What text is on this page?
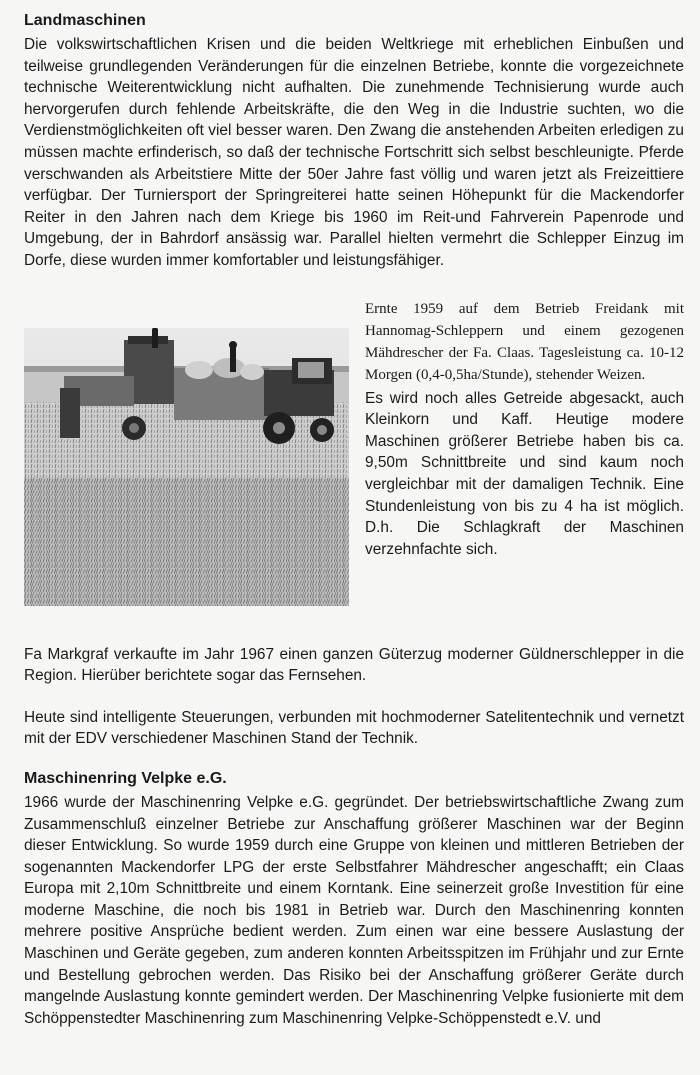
Landmaschinen

Die volkswirtschaftlichen Krisen und die beiden Weltkriege mit erheblichen Einbußen und teilweise grundlegenden Veränderungen für die einzelnen Betriebe, konnte die vorgezeichnete technische Weiterentwicklung nicht aufhalten. Die zunehmende Technisierung wurde auch hervorgerufen durch fehlende Arbeitskräfte, die den Weg in die Industrie suchten, wo die Verdienstmöglichkeiten oft viel besser waren. Den Zwang die anstehenden Arbeiten erledigen zu müssen machte erfinderisch, so daß der technische Fortschritt sich selbst beschleunigte. Pferde verschwanden als Arbeitstiere Mitte der 50er Jahre fast völlig und waren jetzt als Freizeittiere verfügbar. Der Turniersport der Springreiterei hatte seinen Höhepunkt für die Mackendorfer Reiter in den Jahren nach dem Kriege bis 1960 im Reit-und Fahrverein Papenrode und Umgebung, der in Bahrdorf ansässig war. Parallel hielten vermehrt die Schlepper Einzug im Dorfe, diese wurden immer komfortabler und leistungsfähiger.

Ernte 1959 auf dem Betrieb Freidank mit Hannomag-Schleppern und einem gezogenen Mähdrescher der Fa. Claas. Tagesleistung ca. 10-12 Morgen (0,4-0,5ha/Stunde), stehender Weizen.

Es wird noch alles Getreide abgesackt, auch Kleinkorn und Kaff. Heutige modere Maschinen größerer Betriebe haben bis ca. 9,50m Schnittbreite und sind kaum noch vergleichbar mit der damaligen Technik. Eine Stundenleistung von bis zu 4 ha ist möglich. D.h. Die Schlagkraft der Maschinen verzehnfachte sich.

Fa Markgraf verkaufte im Jahr 1967 einen ganzen Güterzug moderner Güldnerschlepper in die Region. Hierüber berichtete sogar das Fernsehen.

Heute sind intelligente Steuerungen, verbunden mit hochmoderner Satelitentechnik und vernetzt mit der EDV verschiedener Maschinen Stand der Technik.

Maschinenring Velpke e.G.

1966 wurde der Maschinenring Velpke e.G. gegründet. Der betriebswirtschaftliche Zwang zum Zusammenschluß einzelner Betriebe zur Anschaffung größerer Maschinen war der Beginn dieser Entwicklung. So wurde 1959 durch eine Gruppe von kleinen und mittleren Betrieben der sogenannten Mackendorfer LPG der erste Selbstfahrer Mähdrescher angeschafft; ein Claas Europa mit 2,10m Schnittbreite und einem Korntank. Eine seinerzeit große Investition für eine moderne Maschine, die noch bis 1981 in Betrieb war. Durch den Maschinenring konnten mehrere positive Ansprüche bedient werden. Zum einen war eine bessere Auslastung der Maschinen und Geräte gegeben, zum anderen konnten Arbeitsspitzen im Frühjahr und zur Ernte und Bestellung gebrochen werden. Das Risiko bei der Anschaffung größerer Geräte durch mangelnde Auslastung konnte gemindert werden. Der Maschinenring Velpke fusionierte mit dem Schöppenstedter Maschinenring zum Maschinenring Velpke-Schöppenstedt e.V. und
